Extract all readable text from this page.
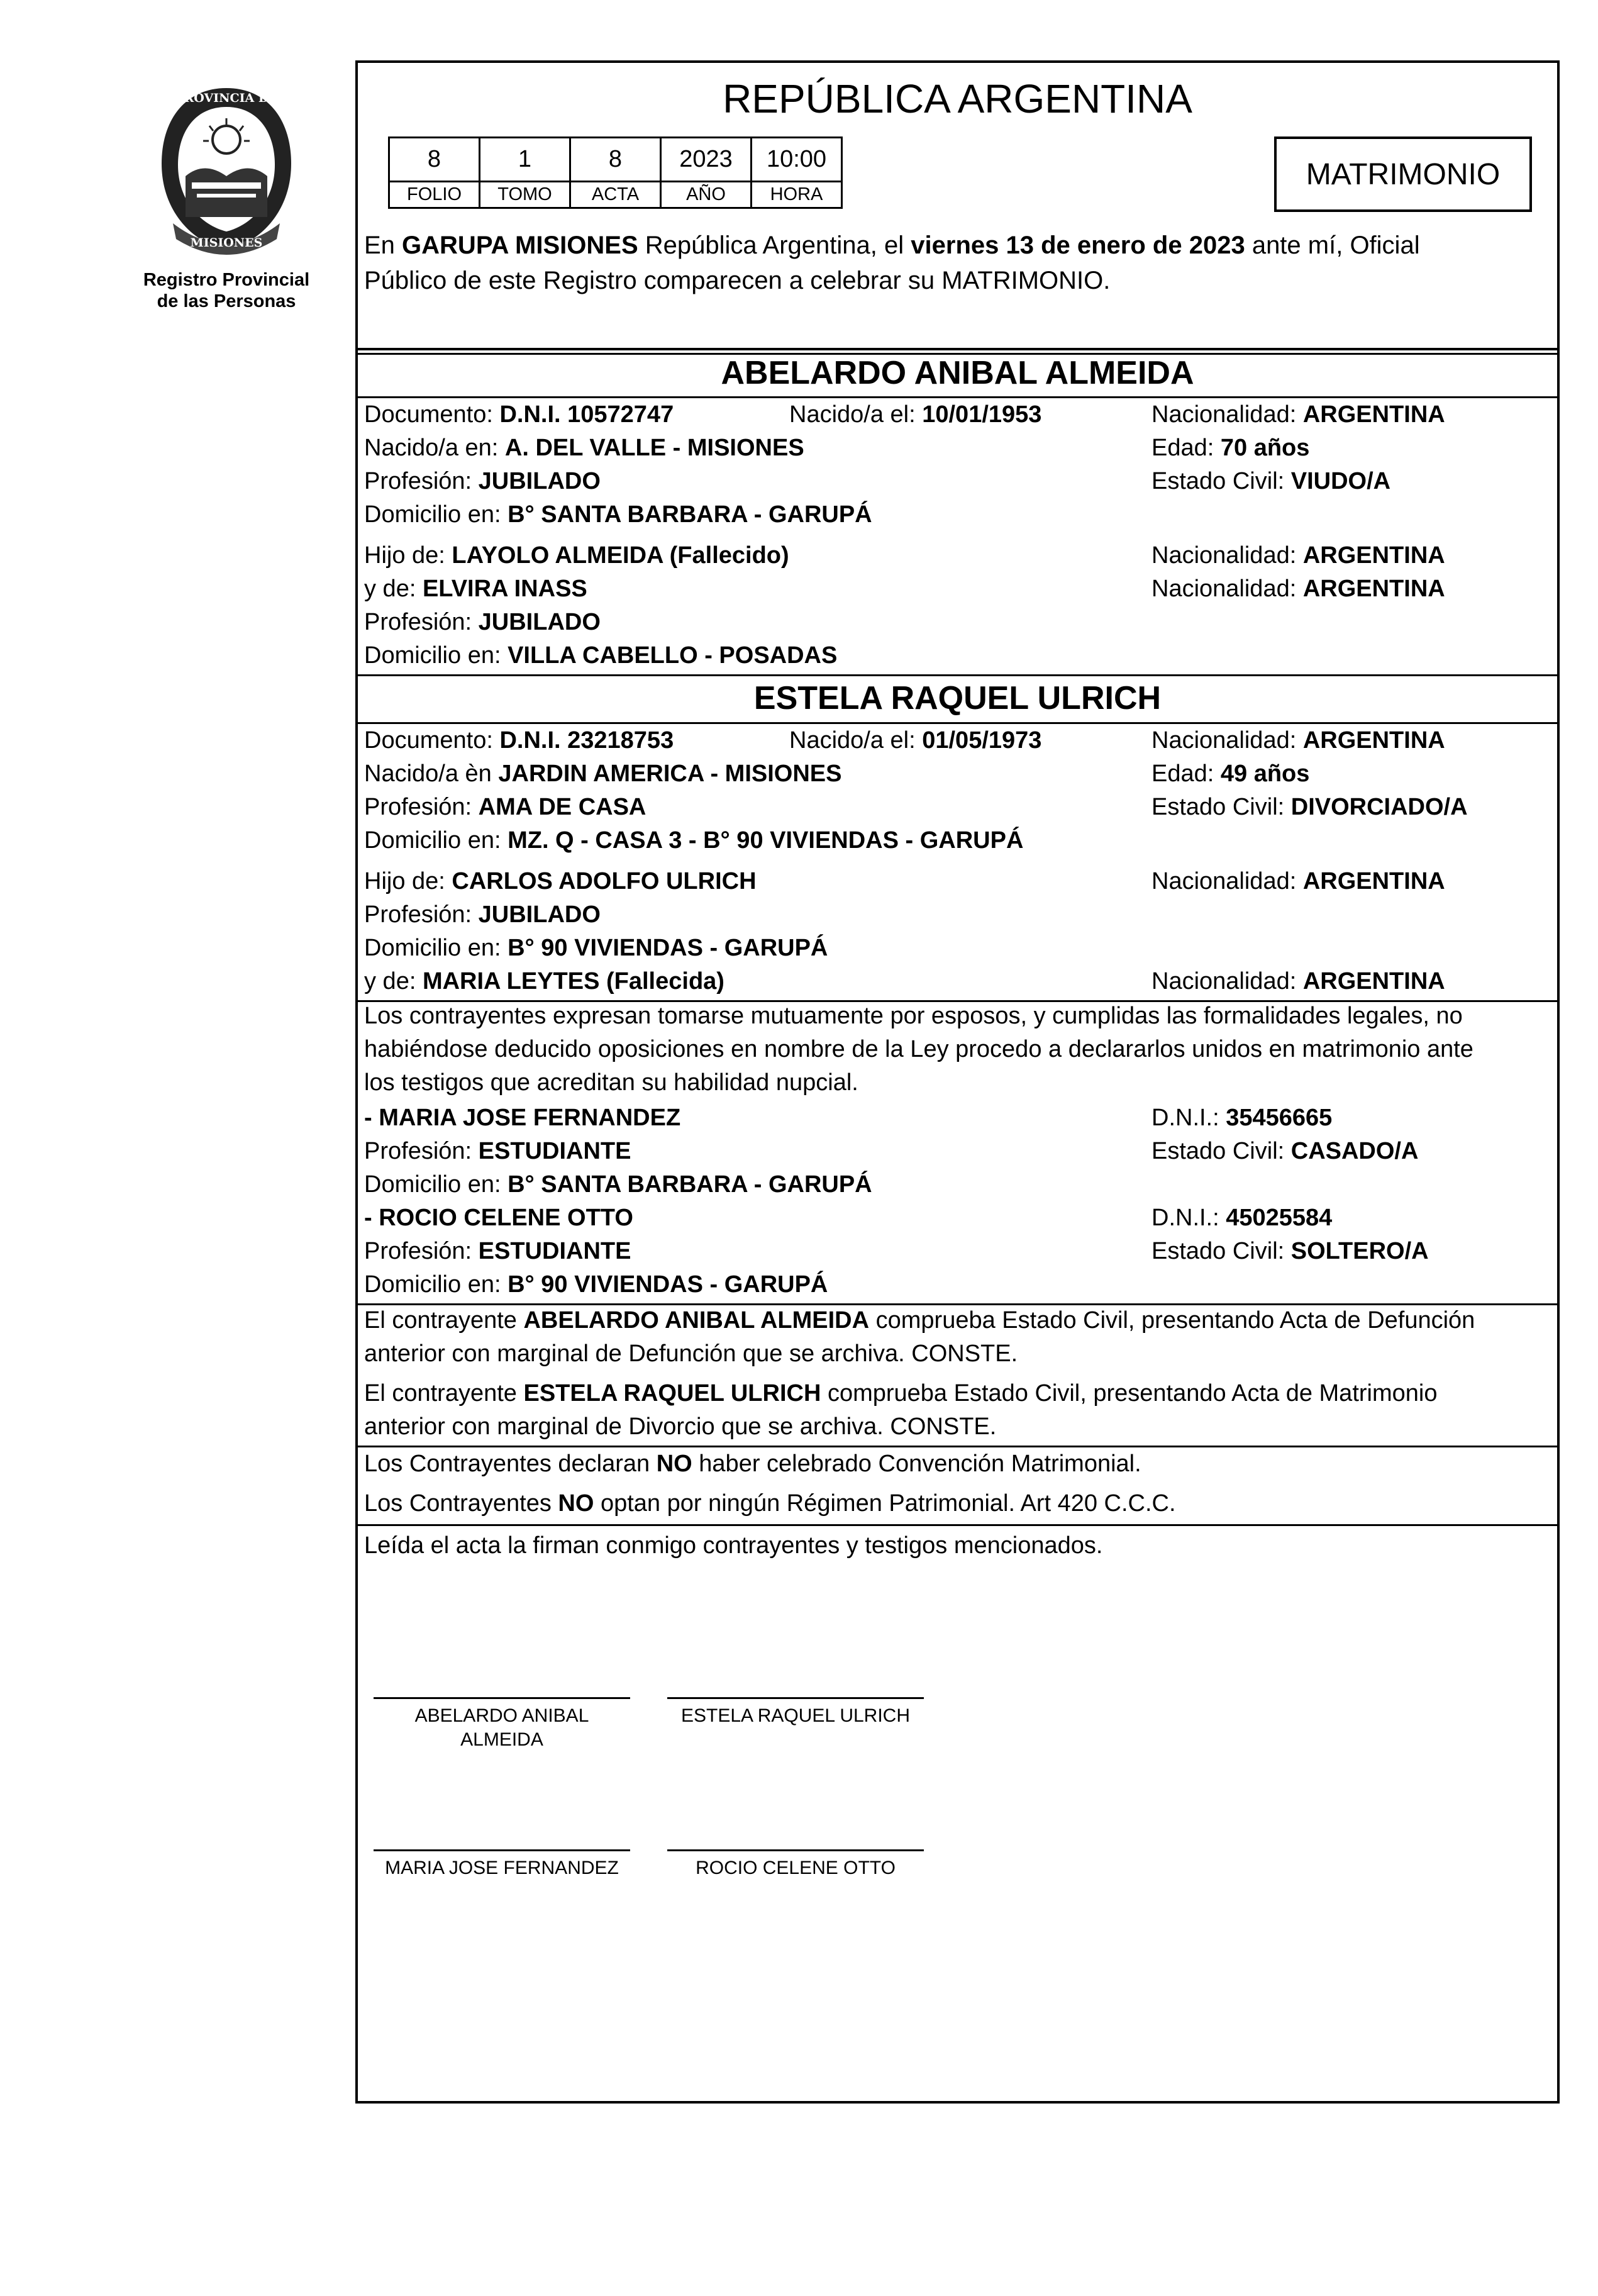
PROVINCIA DE
MISIONES
Registro Provincial
de las Personas
REPÚBLICA ARGENTINA
8	1	8	2023	10:00
FOLIO	TOMO	ACTA	AÑO	HORA
MATRIMONIO
En GARUPA MISIONES República Argentina, el viernes 13 de enero de 2023 ante mí, Oficial
Público de este Registro comparecen a celebrar su MATRIMONIO.
ABELARDO ANIBAL ALMEIDA
Documento: D.N.I. 10572747	Nacido/a el: 10/01/1953	Nacionalidad: ARGENTINA
Nacido/a en: A. DEL VALLE - MISIONES	Edad: 70 años
Profesión: JUBILADO	Estado Civil: VIUDO/A
Domicilio en: B° SANTA BARBARA - GARUPÁ
Hijo de: LAYOLO ALMEIDA (Fallecido)	Nacionalidad: ARGENTINA
y de: ELVIRA INASS	Nacionalidad: ARGENTINA
Profesión: JUBILADO
Domicilio en: VILLA CABELLO - POSADAS
ESTELA RAQUEL ULRICH
Documento: D.N.I. 23218753	Nacido/a el: 01/05/1973	Nacionalidad: ARGENTINA
Nacido/a èn JARDIN AMERICA - MISIONES	Edad: 49 años
Profesión: AMA DE CASA	Estado Civil: DIVORCIADO/A
Domicilio en: MZ. Q - CASA 3 - B° 90 VIVIENDAS - GARUPÁ
Hijo de: CARLOS ADOLFO ULRICH	Nacionalidad: ARGENTINA
Profesión: JUBILADO
Domicilio en: B° 90 VIVIENDAS - GARUPÁ
y de: MARIA LEYTES (Fallecida)	Nacionalidad: ARGENTINA
Los contrayentes expresan tomarse mutuamente por esposos, y cumplidas las formalidades legales, no
habiéndose deducido oposiciones en nombre de la Ley procedo a declararlos unidos en matrimonio ante
los testigos que acreditan su habilidad nupcial.
- MARIA JOSE FERNANDEZ	D.N.I.: 35456665
Profesión: ESTUDIANTE	Estado Civil: CASADO/A
Domicilio en: B° SANTA BARBARA - GARUPÁ
- ROCIO CELENE OTTO	D.N.I.: 45025584
Profesión: ESTUDIANTE	Estado Civil: SOLTERO/A
Domicilio en: B° 90 VIVIENDAS - GARUPÁ
El contrayente ABELARDO ANIBAL ALMEIDA comprueba Estado Civil, presentando Acta de Defunción
anterior con marginal de Defunción que se archiva. CONSTE.
El contrayente ESTELA RAQUEL ULRICH comprueba Estado Civil, presentando Acta de Matrimonio
anterior con marginal de Divorcio que se archiva. CONSTE.
Los Contrayentes declaran NO haber celebrado Convención Matrimonial.
Los Contrayentes NO optan por ningún Régimen Patrimonial. Art 420 C.C.C.
Leída el acta la firman conmigo contrayentes y testigos mencionados.
ABELARDO ANIBAL
ALMEIDA
ESTELA RAQUEL ULRICH
MARIA JOSE FERNANDEZ	ROCIO CELENE OTTO
